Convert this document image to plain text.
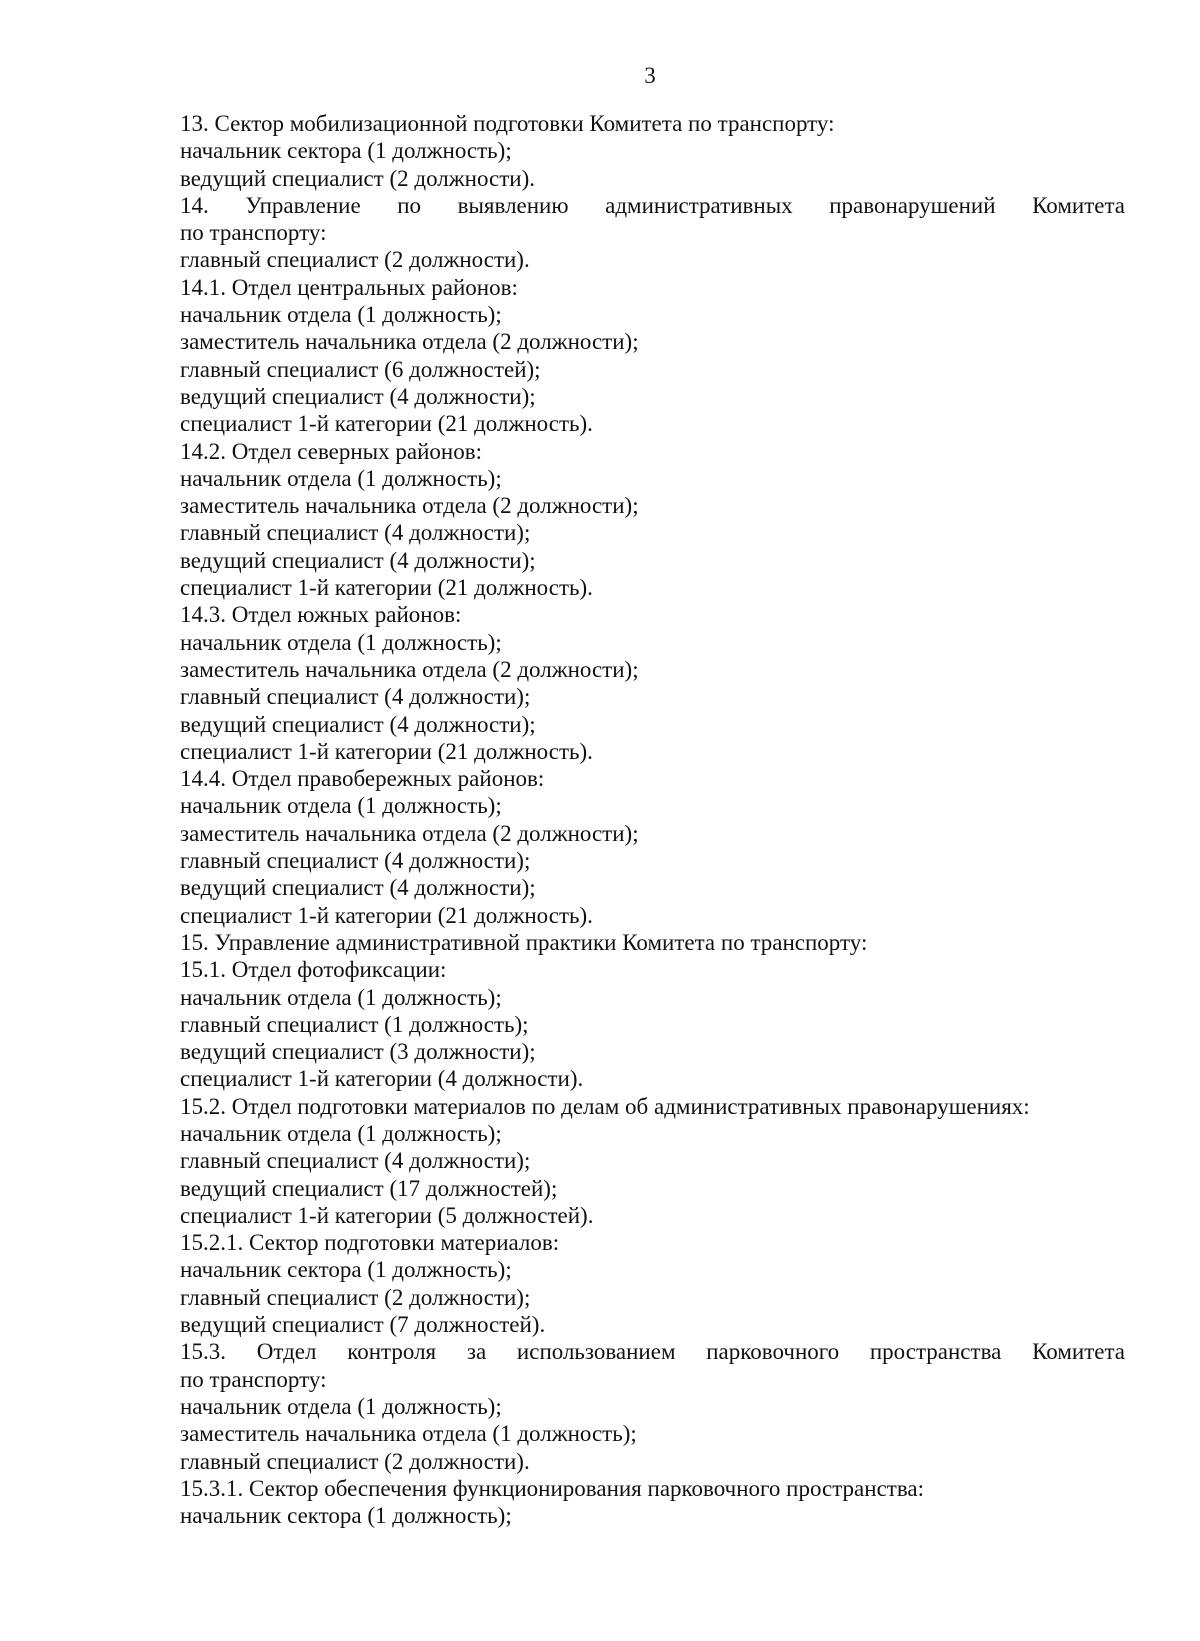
3
13. Сектор мобилизационной подготовки Комитета по транспорту:
начальник сектора (1 должность);
ведущий специалист (2 должности).
14. Управление по выявлению административных правонарушений Комитета
по транспорту:
главный специалист (2 должности).
14.1. Отдел центральных районов:
начальник отдела (1 должность);
заместитель начальника отдела (2 должности);
главный специалист (6 должностей);
ведущий специалист (4 должности);
специалист 1-й категории (21 должность).
14.2. Отдел северных районов:
начальник отдела (1 должность);
заместитель начальника отдела (2 должности);
главный специалист (4 должности);
ведущий специалист (4 должности);
специалист 1-й категории (21 должность).
14.3. Отдел южных районов:
начальник отдела (1 должность);
заместитель начальника отдела (2 должности);
главный специалист (4 должности);
ведущий специалист (4 должности);
специалист 1-й категории (21 должность).
14.4. Отдел правобережных районов:
начальник отдела (1 должность);
заместитель начальника отдела (2 должности);
главный специалист (4 должности);
ведущий специалист (4 должности);
специалист 1-й категории (21 должность).
15. Управление административной практики Комитета по транспорту:
15.1. Отдел фотофиксации:
начальник отдела (1 должность);
главный специалист (1 должность);
ведущий специалист (3 должности);
специалист 1-й категории (4 должности).
15.2. Отдел подготовки материалов по делам об административных правонарушениях:
начальник отдела (1 должность);
главный специалист (4 должности);
ведущий специалист (17 должностей);
специалист 1-й категории (5 должностей).
15.2.1. Сектор подготовки материалов:
начальник сектора (1 должность);
главный специалист (2 должности);
ведущий специалист (7 должностей).
15.3. Отдел контроля за использованием парковочного пространства Комитета
по транспорту:
начальник отдела (1 должность);
заместитель начальника отдела (1 должность);
главный специалист (2 должности).
15.3.1. Сектор обеспечения функционирования парковочного пространства:
начальник сектора (1 должность);
